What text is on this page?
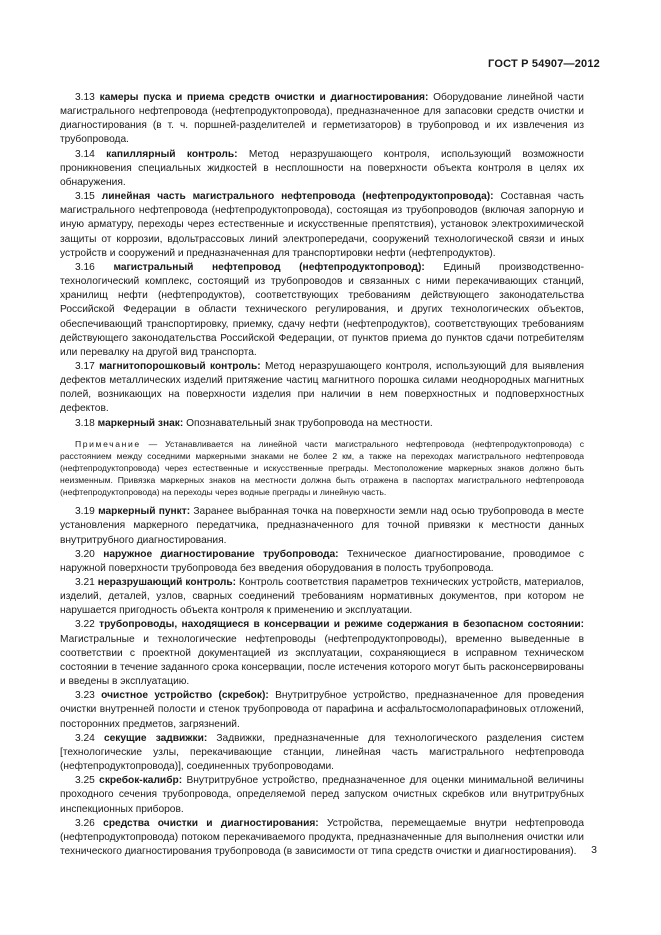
ГОСТ Р 54907—2012

3.13 камеры пуска и приема средств очистки и диагностирования: Оборудование линейной части магистрального нефтепровода (нефтепродуктопровода), предназначенное для запасовки средств очистки и диагностирования (в т. ч. поршней-разделителей и герметизаторов) в трубопровод и их извлечения из трубопровода.

3.14 капиллярный контроль: Метод неразрушающего контроля, использующий возможности проникновения специальных жидкостей в несплошности на поверхности объекта контроля в целях их обнаружения.

3.15 линейная часть магистрального нефтепровода (нефтепродуктопровода): Составная часть магистрального нефтепровода (нефтепродуктопровода), состоящая из трубопроводов (включая запорную и иную арматуру, переходы через естественные и искусственные препятствия), установок электрохимической защиты от коррозии, вдольтрассовых линий электропередачи, сооружений технологической связи и иных устройств и сооружений и предназначенная для транспортировки нефти (нефтепродуктов).

3.16 магистральный нефтепровод (нефтепродуктопровод): Единый производственно-технологический комплекс, состоящий из трубопроводов и связанных с ними перекачивающих станций, хранилищ нефти (нефтепродуктов), соответствующих требованиям действующего законодательства Российской Федерации в области технического регулирования, и других технологических объектов, обеспечивающий транспортировку, приемку, сдачу нефти (нефтепродуктов), соответствующих требованиям действующего законодательства Российской Федерации, от пунктов приема до пунктов сдачи потребителям или перевалку на другой вид транспорта.

3.17 магнитопорошковый контроль: Метод неразрушающего контроля, использующий для выявления дефектов металлических изделий притяжение частиц магнитного порошка силами неоднородных магнитных полей, возникающих на поверхности изделия при наличии в нем поверхностных и подповерхностных дефектов.

3.18 маркерный знак: Опознавательный знак трубопровода на местности.

Примечание — Устанавливается на линейной части магистрального нефтепровода (нефтепродуктопровода) с расстоянием между соседними маркерными знаками не более 2 км, а также на переходах магистрального нефтепровода (нефтепродуктопровода) через естественные и искусственные преграды. Местоположение маркерных знаков должно быть неизменным. Привязка маркерных знаков на местности должна быть отражена в паспортах магистрального нефтепровода (нефтепродуктопровода) на переходы через водные преграды и линейную часть.

3.19 маркерный пункт: Заранее выбранная точка на поверхности земли над осью трубопровода в месте установления маркерного передатчика, предназначенного для точной привязки к местности данных внутритрубного диагностирования.

3.20 наружное диагностирование трубопровода: Техническое диагностирование, проводимое с наружной поверхности трубопровода без введения оборудования в полость трубопровода.

3.21 неразрушающий контроль: Контроль соответствия параметров технических устройств, материалов, изделий, деталей, узлов, сварных соединений требованиям нормативных документов, при котором не нарушается пригодность объекта контроля к применению и эксплуатации.

3.22 трубопроводы, находящиеся в консервации и режиме содержания в безопасном состоянии: Магистральные и технологические нефтепроводы (нефтепродуктопроводы), временно выведенные в соответствии с проектной документацией из эксплуатации, сохраняющиеся в исправном техническом состоянии в течение заданного срока консервации, после истечения которого могут быть расконсервированы и введены в эксплуатацию.

3.23 очистное устройство (скребок): Внутритрубное устройство, предназначенное для проведения очистки внутренней полости и стенок трубопровода от парафина и асфальтосмолопарафиновых отложений, посторонних предметов, загрязнений.

3.24 секущие задвижки: Задвижки, предназначенные для технологического разделения систем [технологические узлы, перекачивающие станции, линейная часть магистрального нефтепровода (нефтепродуктопровода)], соединенных трубопроводами.

3.25 скребок-калибр: Внутритрубное устройство, предназначенное для оценки минимальной величины проходного сечения трубопровода, определяемой перед запуском очистных скребков или внутритрубных инспекционных приборов.

3.26 средства очистки и диагностирования: Устройства, перемещаемые внутри нефтепровода (нефтепродуктопровода) потоком перекачиваемого продукта, предназначенные для выполнения очистки или технического диагностирования трубопровода (в зависимости от типа средств очистки и диагностирования).	3
